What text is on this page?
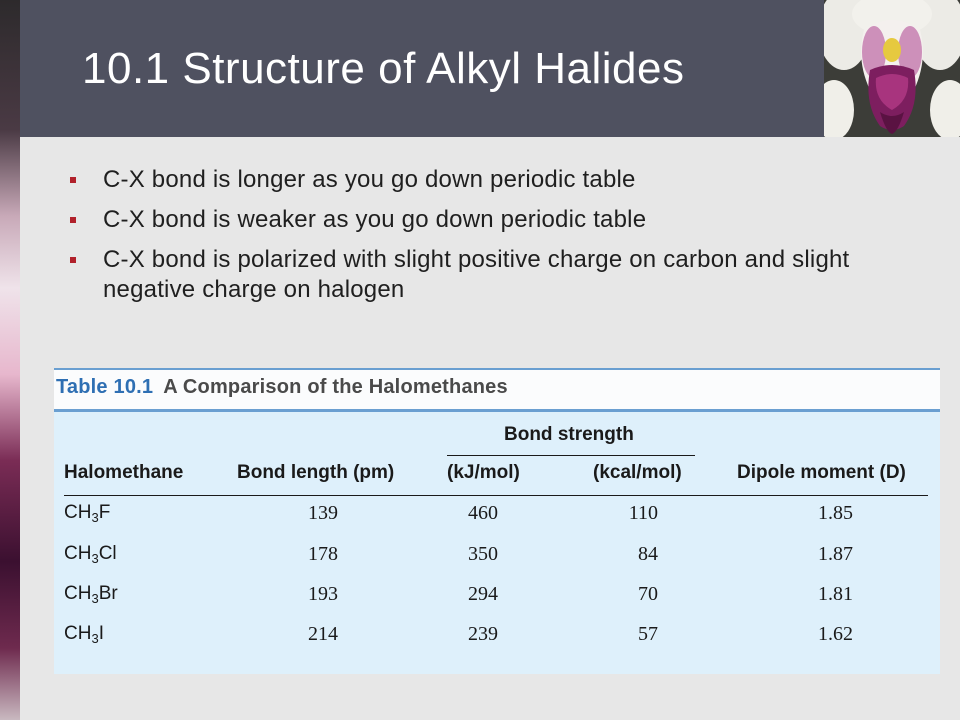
10.1 Structure of Alkyl Halides
C-X bond is longer as you go down periodic table
C-X bond is weaker as you go down periodic table
C-X bond is polarized with slight positive charge on carbon and slight negative charge on halogen
Table 10.1 A Comparison of the Halomethanes
Bond strength
Halomethane	Bond length (pm)	(kJ/mol)	(kcal/mol)	Dipole moment (D)
$CH_3F$	139	460	110	1.85
$CH_3Cl$	178	350	84	1.87
$CH_3Br$	193	294	70	1.81
$CH_3I$	214	239	57	1.62
